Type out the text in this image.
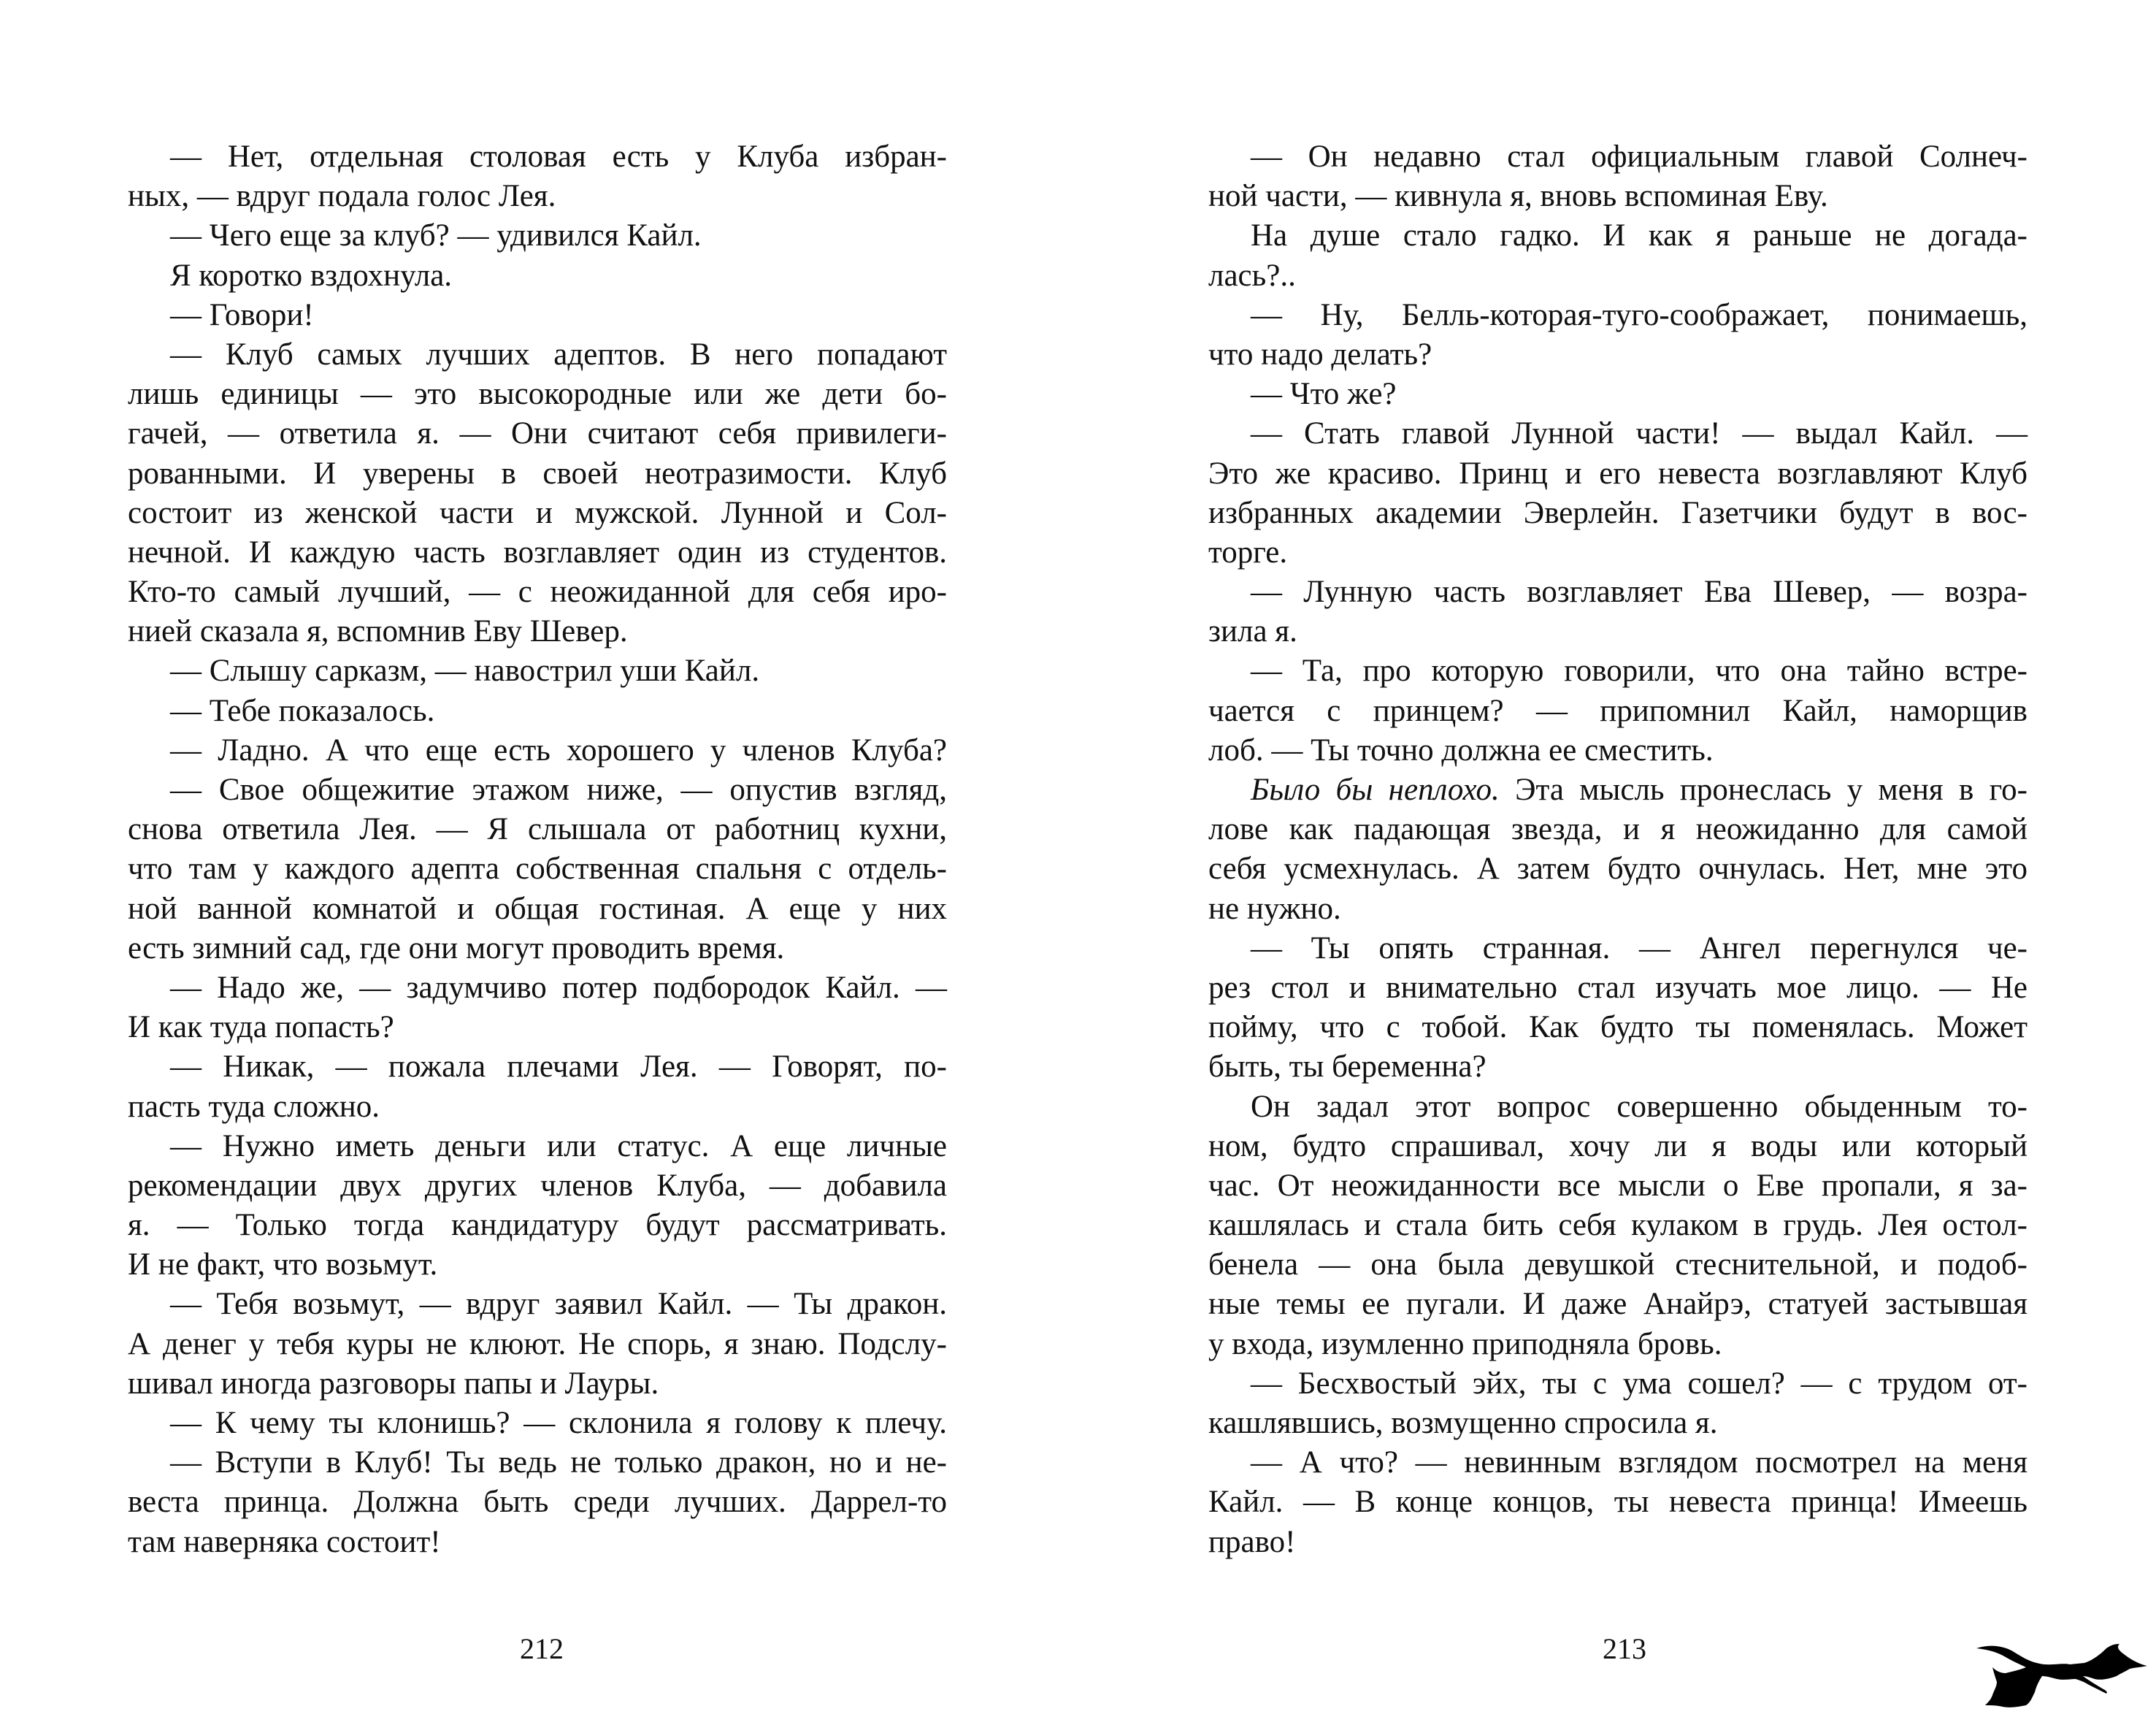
— Нет, отдельная столовая есть у Клуба избран-
ных, — вдруг подала голос Лея.
— Чего еще за клуб? — удивился Кайл.
Я коротко вздохнула.
— Говори!
— Клуб самых лучших адептов. В него попадают
лишь единицы — это высокородные или же дети бо-
гачей, — ответила я. — Они считают себя привилеги-
рованными. И уверены в своей неотразимости. Клуб
состоит из женской части и мужской. Лунной и Сол-
нечной. И каждую часть возглавляет один из студентов.
Кто-то самый лучший, — с неожиданной для себя иро-
нией сказала я, вспомнив Еву Шевер.
— Слышу сарказм, — навострил уши Кайл.
— Тебе показалось.
— Ладно. А что еще есть хорошего у членов Клуба?
— Свое общежитие этажом ниже, — опустив взгляд,
снова ответила Лея. — Я слышала от работниц кухни,
что там у каждого адепта собственная спальня с отдель-
ной ванной комнатой и общая гостиная. А еще у них
есть зимний сад, где они могут проводить время.
— Надо же, — задумчиво потер подбородок Кайл. —
И как туда попасть?
— Никак, — пожала плечами Лея. — Говорят, по-
пасть туда сложно.
— Нужно иметь деньги или статус. А еще личные
рекомендации двух других членов Клуба, — добавила
я. — Только тогда кандидатуру будут рассматривать.
И не факт, что возьмут.
— Тебя возьмут, — вдруг заявил Кайл. — Ты дракон.
А денег у тебя куры не клюют. Не спорь, я знаю. Подслу-
шивал иногда разговоры папы и Лауры.
— К чему ты клонишь? — склонила я голову к плечу.
— Вступи в Клуб! Ты ведь не только дракон, но и не-
веста принца. Должна быть среди лучших. Даррел-то
там наверняка состоит!
212
— Он недавно стал официальным главой Солнеч-
ной части, — кивнула я, вновь вспоминая Еву.
На душе стало гадко. И как я раньше не догада-
лась?..
— Ну, Белль-которая-туго-соображает, понимаешь,
что надо делать?
— Что же?
— Стать главой Лунной части! — выдал Кайл. —
Это же красиво. Принц и его невеста возглавляют Клуб
избранных академии Эверлейн. Газетчики будут в вос-
торге.
— Лунную часть возглавляет Ева Шевер, — возра-
зила я.
— Та, про которую говорили, что она тайно встре-
чается с принцем? — припомнил Кайл, наморщив
лоб. — Ты точно должна ее сместить.
Было бы неплохо. Эта мысль пронеслась у меня в го-
лове как падающая звезда, и я неожиданно для самой
себя усмехнулась. А затем будто очнулась. Нет, мне это
не нужно.
— Ты опять странная. — Ангел перегнулся че-
рез стол и внимательно стал изучать мое лицо. — Не
пойму, что с тобой. Как будто ты поменялась. Может
быть, ты беременна?
Он задал этот вопрос совершенно обыденным то-
ном, будто спрашивал, хочу ли я воды или который
час. От неожиданности все мысли о Еве пропали, я за-
кашлялась и стала бить себя кулаком в грудь. Лея остол-
бенела — она была девушкой стеснительной, и подоб-
ные темы ее пугали. И даже Анайрэ, статуей застывшая
у входа, изумленно приподняла бровь.
— Бесхвостый эйх, ты с ума сошел? — с трудом от-
кашлявшись, возмущенно спросила я.
— А что? — невинным взглядом посмотрел на меня
Кайл. — В конце концов, ты невеста принца! Имеешь
право!
213
